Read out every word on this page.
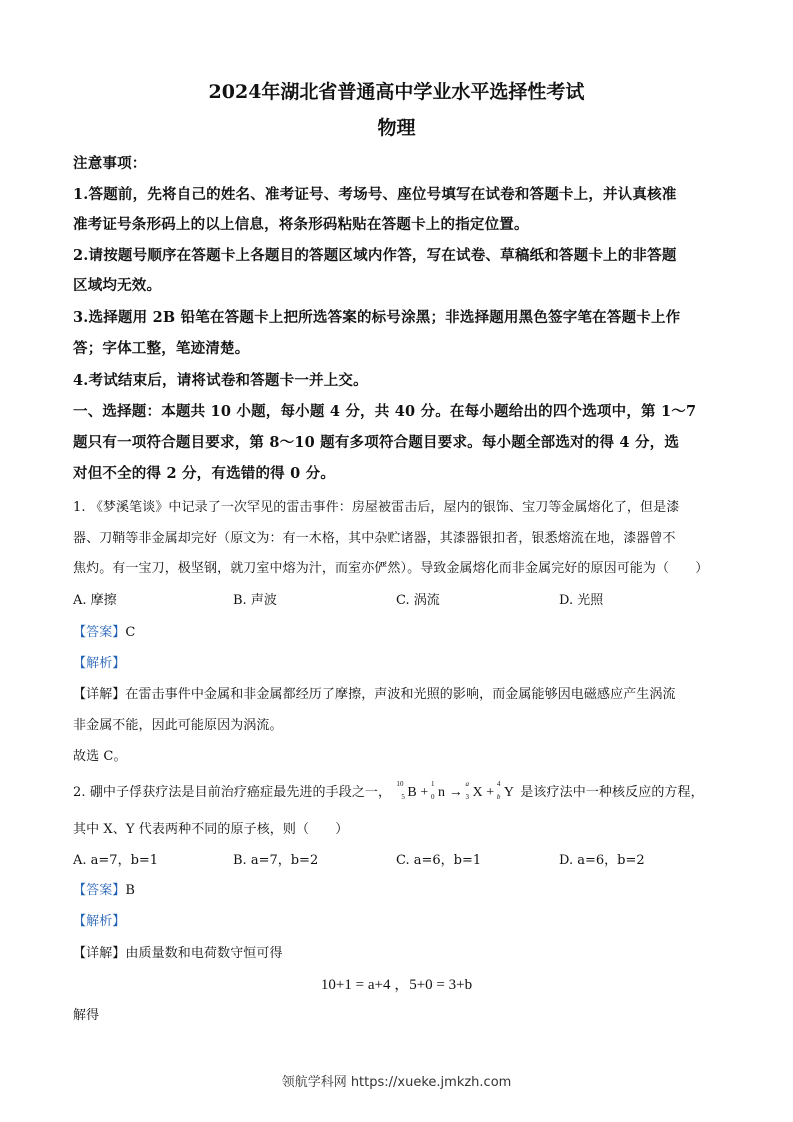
2024年湖北省普通高中学业水平选择性考试
物理
注意事项：
1.答题前，先将自己的姓名、准考证号、考场号、座位号填写在试卷和答题卡上，并认真核准
准考证号条形码上的以上信息，将条形码粘贴在答题卡上的指定位置。
2.请按题号顺序在答题卡上各题目的答题区域内作答，写在试卷、草稿纸和答题卡上的非答题
区域均无效。
3.选择题用 2B 铅笔在答题卡上把所选答案的标号涂黑；非选择题用黑色签字笔在答题卡上作
答；字体工整，笔迹清楚。
4.考试结束后，请将试卷和答题卡一并上交。
一、选择题：本题共 10 小题，每小题 4 分，共 40 分。在每小题给出的四个选项中，第 1～7
题只有一项符合题目要求，第 8～10 题有多项符合题目要求。每小题全部选对的得 4 分，选
对但不全的得 2 分，有选错的得 0 分。
1. 《梦溪笔谈》中记录了一次罕见的雷击事件：房屋被雷击后，屋内的银饰、宝刀等金属熔化了，但是漆
器、刀鞘等非金属却完好（原文为：有一木格，其中杂贮诸器，其漆器银扣者，银悉熔流在地，漆器曾不
焦灼。有一宝刀，极坚钢，就刀室中熔为汁，而室亦俨然）。导致金属熔化而非金属完好的原因可能为（　　）
A. 摩擦	B. 声波	C. 涡流	D. 光照
【答案】C
【解析】
【详解】在雷击事件中金属和非金属都经历了摩擦，声波和光照的影响，而金属能够因电磁感应产生涡流
非金属不能，因此可能原因为涡流。
故选 C。
2. 硼中子俘获疗法是目前治疗癌症最先进的手段之一，
10
5 B +
1
0 n →
a
3 X +
4
b Y 是该疗法中一种核反应的方程，
其中 X、Y 代表两种不同的原子核，则（　　）
A. a=7，b=1	B. a=7，b=2	C. a=6，b=1	D. a=6，b=2
【答案】B
【解析】
【详解】由质量数和电荷数守恒可得
10+1 = a+4 ，5+0 = 3+b
解得
领航学科网 https://xueke.jmkzh.com
